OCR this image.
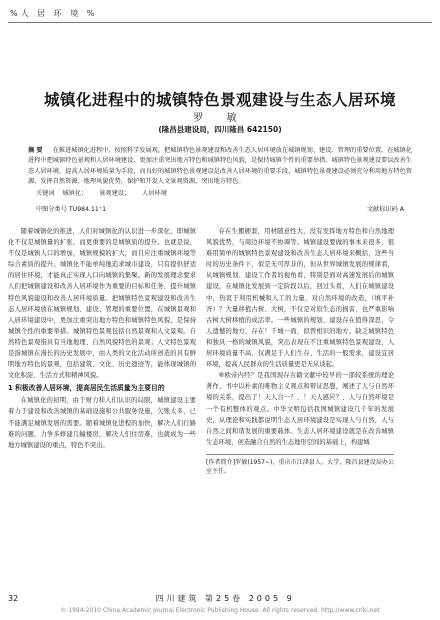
%人 居 环 境 %
城镇化进程中的城镇特色景观建设与生态人居环境
罗 敏
(隆昌县建设局，四川隆昌 642150)

摘 要 在推进城镇化进程中，按照科学发展观，把城镇特色景观建设和改善生态人居环境放在城镇规划、建设、管理的重要位置，在城镇化进程中把城镇特色景观和人居环境建设，更加注重突出地方特色和城镇特色风貌，是保持城镇个性的重要举措。城镇特色景观建设要以改善生态人居环境，提高人居环境质量为手段，而良好的城镇特色景观建设是改善人居环境的重要手段，城镇特色景观建设必须充分利用地方特色资源，发挥自然资源、地理风貌优势，保护和开发人文景观资源，突出地方特色。

关键词 城镇化； 景观建设； 人居环境
中图分类号 TU984.11⁺1	文献标识码 A

随着城镇化的推进，人们对城镇化的认识进一步深化，即城镇化不仅是城镇量的扩张，而更重要的是城镇质的提升。也就是说，不仅是城镇人口的增加，城镇规模的扩大，而且应注重城镇环境等综合素质的提升。城镇化不能单纯地追求城市建设，只有提供舒适的居住环境，才能真正实现人口向城镇的集聚。新的发展理念要求人们把城镇建设和改善人居环境作为重要的目标和任务，提升城镇特色风貌建设和改善人居环境质量。把城镇特色景观建设和改善生态人居环境放在城镇规划、建设、管理的重要位置，在城镇景观和人居环境建设中，更加注重突出地方特色和城镇特色风貌，是保持城镇个性的重要举措。城镇特色景观包括自然景观和人文景观。自然特色景观指具有当地地理、自然风貌特色的景观；人文特色景观是指城镇在漫长的历史发展中，由人类的文化活动所创造的具有鲜明地方特色的景观，包括建筑、文化、历史遗迹等，能体现城镇的文化积淀、生活方式和精神风貌。

1 积极改善人居环境，提高居民生活质量为主要目的

在城镇化的初期，由于财力和人们认识的局限，城镇建设主要着力于建设和改善城镇的基础设施和公共服务设施，欠账太多，已不能满足城镇发展的需要。随着城镇化进程的加快，解决人们行路难的问题，力争多修建几幢楼房，解决人们住房难，也就成为一些地方城镇建设的重点，特色不突出。

存在生搬硬套，用材随意性大，没有发挥地方特色和自然地理风貌优势，与周边环境不协调等。城镇建设要做的事本来很多，很难用简单的城镇特色景观建设和改善生态人居环境来概括，这些当时的历史条件下，似是无可厚非的，但从世界城镇发展的规律看，从城镇规划、建设工作者的视角看，特别是面对高速发展后的城镇建设，在城镇化发展到一定阶段以后，回过头看，人们在城镇建设中，热衷于利用机械和人工的力量，对自然环境的改造，（填平补齐）？大量移植古树、大树，不仅是对原生态的损害，也严重影响古树大树移植的成活率。一些城镇的规划、建设存在值得深思，令人遗憾的地方，存在！千城一面，似曾相识的地方。缺乏城镇特色和独具一格的城镇风貌，突出表现在不注重城镇特色景观建设，人居环境质量不高，仅满足于人们生存、生活的一般需求，建设宜居环境，提高人民群众的生活质量更是无从谈起。

⑥欧帝内经？是我国现存古籍文献中较早的一部较系统的理论著作，书中以朴素的唯物主义观点和辩证思想，阐述了人与自然环境的关系，提出了！天人合一？、！天人感应？、人与自然环境是一个有机整体的观点。中华文明包括我国城镇建设几千年的发展史，从理论和实践都说明生态人居环境建设是实现人与自然，人与自然之间和谐发展的重要载体。生态人居环境建设就是在改善城镇生态环境，创造融合自然的生态地形空间的基础上，构建城

[作者简介]罗敏(1957~)，重庆市江津县人，大学，隆昌县建设局办公室主任。
32	四川建筑 第25卷 2005 9
© 1994-2010 China Academic Journal Electronic Publishing House. All rights reserved. http://www.cnki.net
